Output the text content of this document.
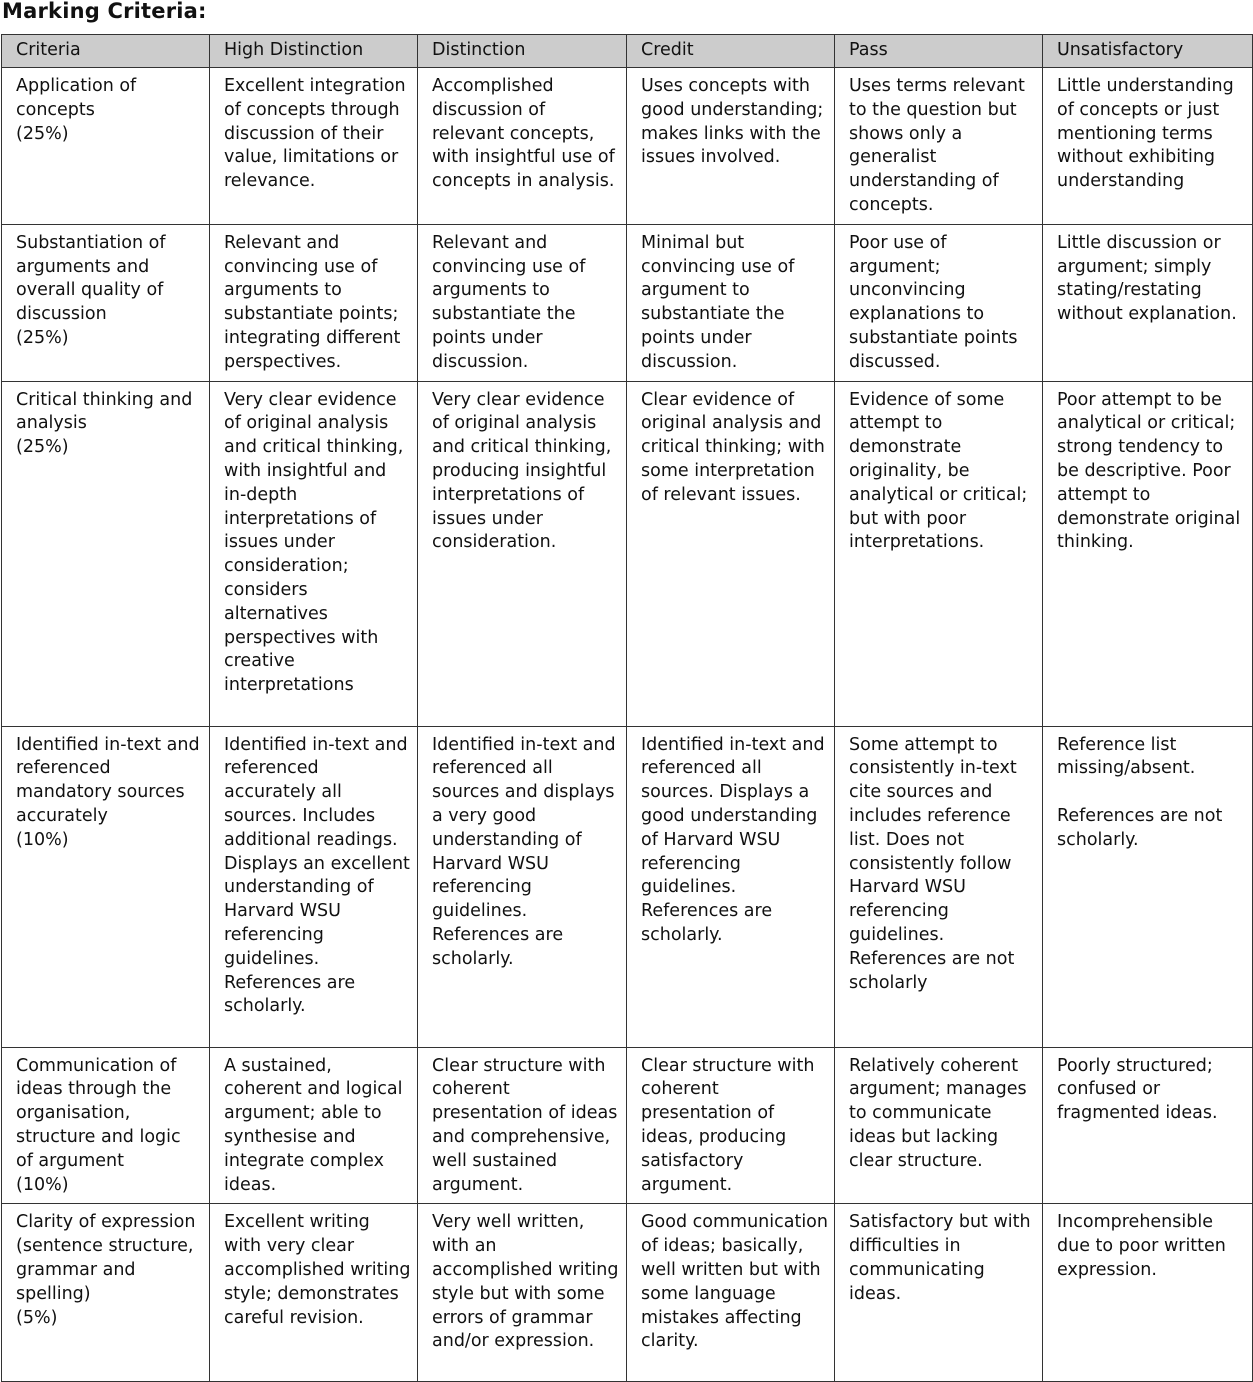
Marking Criteria:
Criteria	High Distinction	Distinction	Credit	Pass	Unsatisfactory
Application of concepts
(25%)	Excellent integration of concepts through discussion of their value, limitations or relevance.	Accomplished discussion of relevant concepts, with insightful use of concepts in analysis.	Uses concepts with good understanding; makes links with the issues involved.	Uses terms relevant to the question but shows only a generalist understanding of concepts.	Little understanding of concepts or just mentioning terms without exhibiting understanding
Substantiation of arguments and overall quality of discussion
(25%)	Relevant and convincing use of arguments to substantiate points; integrating different perspectives.	Relevant and convincing use of arguments to substantiate the points under discussion.	Minimal but convincing use of argument to substantiate the points under discussion.	Poor use of argument; unconvincing explanations to substantiate points discussed.	Little discussion or argument; simply stating/restating without explanation.
Critical thinking and analysis
(25%)	Very clear evidence of original analysis and critical thinking, with insightful and in-depth interpretations of issues under consideration; considers alternatives perspectives with creative interpretations	Very clear evidence of original analysis and critical thinking, producing insightful interpretations of issues under consideration.	Clear evidence of original analysis and critical thinking; with some interpretation of relevant issues.	Evidence of some attempt to demonstrate originality, be analytical or critical; but with poor interpretations.	Poor attempt to be analytical or critical; strong tendency to be descriptive. Poor attempt to demonstrate original thinking.
Identified in-text and referenced mandatory sources accurately
(10%)	Identified in-text and referenced accurately all sources. Includes additional readings. Displays an excellent understanding of Harvard WSU referencing guidelines. References are scholarly.	Identified in-text and referenced all sources and displays a very good understanding of Harvard WSU referencing guidelines. References are scholarly.	Identified in-text and referenced all sources. Displays a good understanding of Harvard WSU referencing guidelines. References are scholarly.	Some attempt to consistently in-text cite sources and includes reference list. Does not consistently follow Harvard WSU referencing guidelines. References are not scholarly	Reference list missing/absent.

References are not scholarly.
Communication of ideas through the organisation, structure and logic of argument
(10%)	A sustained, coherent and logical argument; able to synthesise and integrate complex ideas.	Clear structure with coherent presentation of ideas and comprehensive, well sustained argument.	Clear structure with coherent presentation of ideas, producing satisfactory argument.	Relatively coherent argument; manages to communicate ideas but lacking clear structure.	Poorly structured; confused or fragmented ideas.
Clarity of expression (sentence structure, grammar and spelling)
(5%)	Excellent writing with very clear accomplished writing style; demonstrates careful revision.	Very well written, with an accomplished writing style but with some errors of grammar and/or expression.	Good communication of ideas; basically, well written but with some language mistakes affecting clarity.	Satisfactory but with difficulties in communicating ideas.	Incomprehensible due to poor written expression.
